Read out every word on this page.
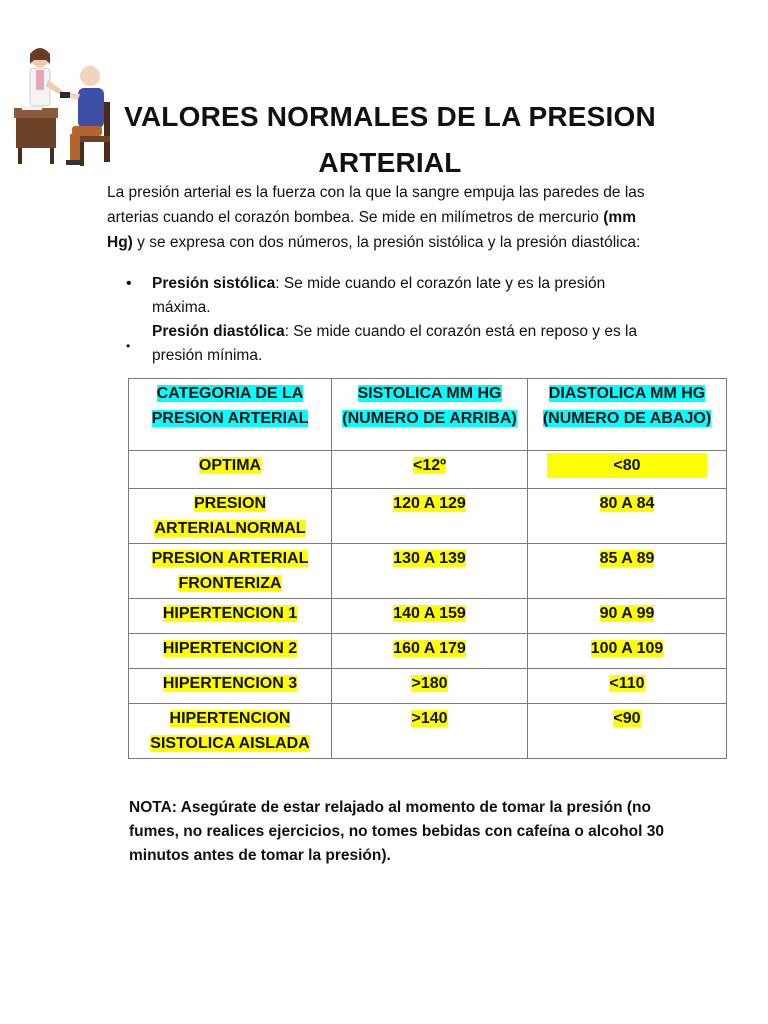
VALORES NORMALES DE LA PRESION
ARTERIAL
La presión arterial es la fuerza con la que la sangre empuja las paredes de las arterias cuando el corazón bombea. Se mide en milímetros de mercurio (mm Hg) y se expresa con dos números, la presión sistólica y la presión diastólica:
• Presión sistólica: Se mide cuando el corazón late y es la presión máxima.
•
Presión diastólica: Se mide cuando el corazón está en reposo y es la presión mínima.
CATEGORIA DE LA PRESION ARTERIAL	SISTOLICA MM HG (NUMERO DE ARRIBA)	DIASTOLICA MM HG (NUMERO DE ABAJO)
OPTIMA	<12º	<80
PRESION ARTERIALNORMAL	120 A 129	80 A 84
PRESION ARTERIAL FRONTERIZA	130 A 139	85 A 89
HIPERTENCION 1	140 A 159	90 A 99
HIPERTENCION 2	160 A 179	100 A 109
HIPERTENCION 3	>180	<110
HIPERTENCION SISTOLICA AISLADA	>140	<90
NOTA: Asegúrate de estar relajado al momento de tomar la presión (no fumes, no realices ejercicios, no tomes bebidas con cafeína o alcohol 30 minutos antes de tomar la presión).
